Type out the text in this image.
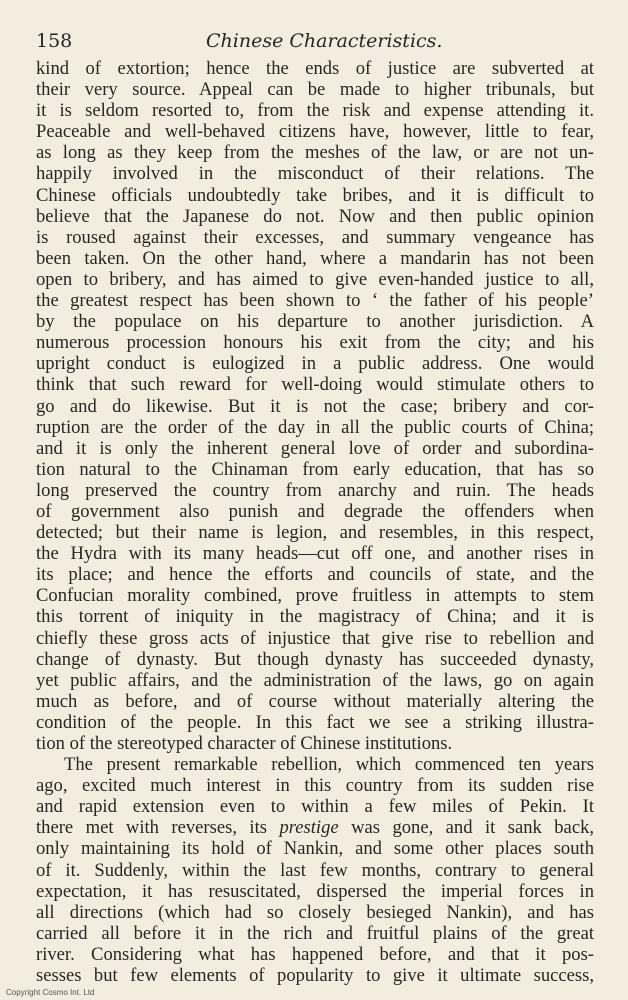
158	Chinese Characteristics.
kind of extortion; hence the ends of justice are subverted at
their very source. Appeal can be made to higher tribunals, but
it is seldom resorted to, from the risk and expense attending it.
Peaceable and well-behaved citizens have, however, little to fear,
as long as they keep from the meshes of the law, or are not un-
happily involved in the misconduct of their relations. The
Chinese officials undoubtedly take bribes, and it is difficult to
believe that the Japanese do not. Now and then public opinion
is roused against their excesses, and summary vengeance has
been taken. On the other hand, where a mandarin has not been
open to bribery, and has aimed to give even-handed justice to all,
the greatest respect has been shown to ‘ the father of his people’
by the populace on his departure to another jurisdiction. A
numerous procession honours his exit from the city; and his
upright conduct is eulogized in a public address. One would
think that such reward for well-doing would stimulate others to
go and do likewise. But it is not the case; bribery and cor-
ruption are the order of the day in all the public courts of China;
and it is only the inherent general love of order and subordina-
tion natural to the Chinaman from early education, that has so
long preserved the country from anarchy and ruin. The heads
of government also punish and degrade the offenders when
detected; but their name is legion, and resembles, in this respect,
the Hydra with its many heads—cut off one, and another rises in
its place; and hence the efforts and councils of state, and the
Confucian morality combined, prove fruitless in attempts to stem
this torrent of iniquity in the magistracy of China; and it is
chiefly these gross acts of injustice that give rise to rebellion and
change of dynasty. But though dynasty has succeeded dynasty,
yet public affairs, and the administration of the laws, go on again
much as before, and of course without materially altering the
condition of the people. In this fact we see a striking illustra-
tion of the stereotyped character of Chinese institutions.
The present remarkable rebellion, which commenced ten years
ago, excited much interest in this country from its sudden rise
and rapid extension even to within a few miles of Pekin. It
there met with reverses, its prestige was gone, and it sank back,
only maintaining its hold of Nankin, and some other places south
of it. Suddenly, within the last few months, contrary to general
expectation, it has resuscitated, dispersed the imperial forces in
all directions (which had so closely besieged Nankin), and has
carried all before it in the rich and fruitful plains of the great
river. Considering what has happened before, and that it pos-
sesses but few elements of popularity to give it ultimate success,
Copyright Cosmo Int. Ltd
